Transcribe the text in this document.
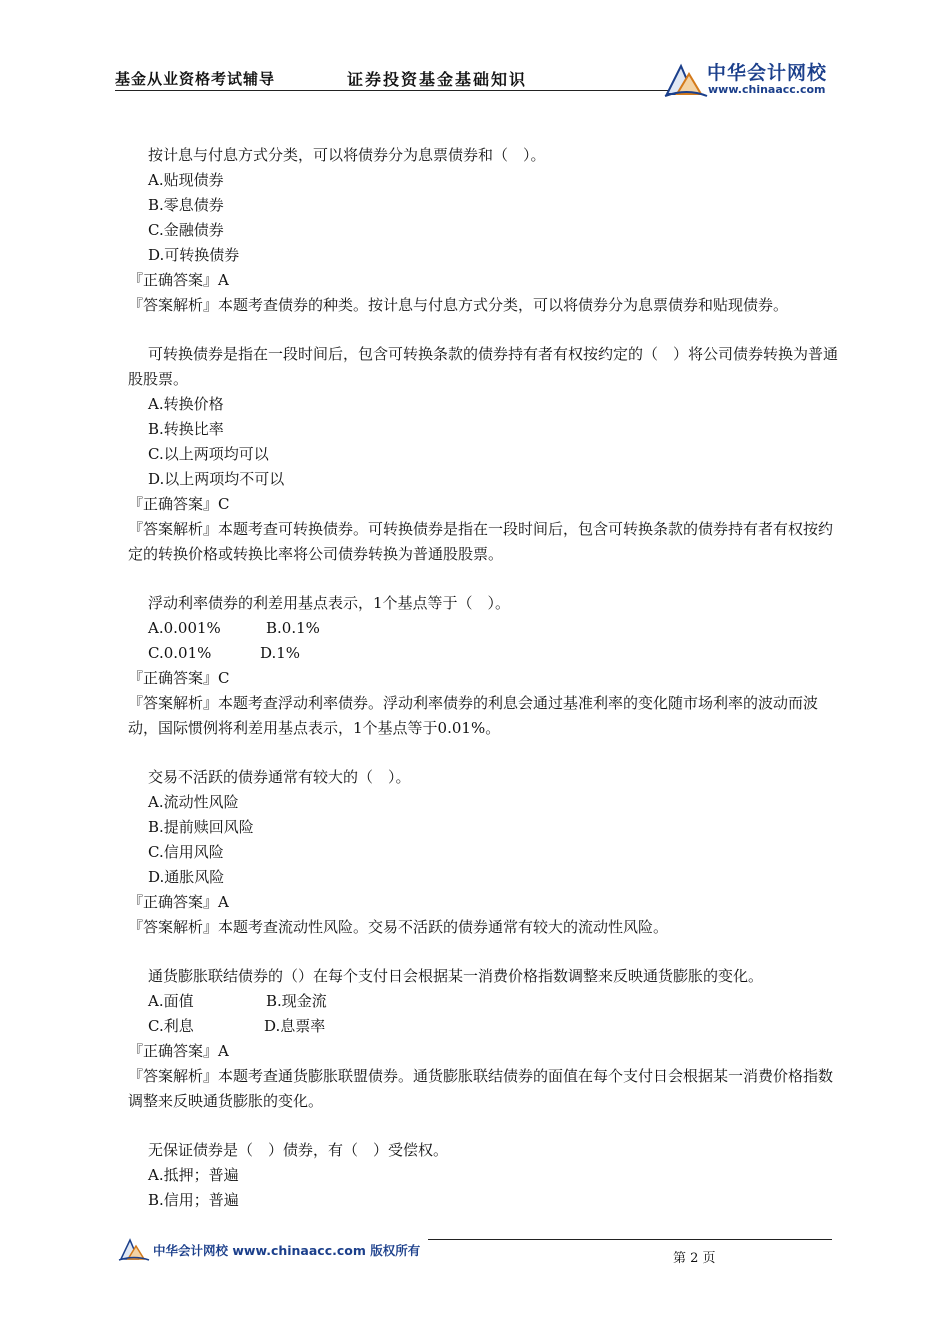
基金从业资格考试辅导	证券投资基金基础知识	中华会计网校
www.chinaacc.com
按计息与付息方式分类，可以将债券分为息票债券和（　）。
A.贴现债券
B.零息债券
C.金融债券
D.可转换债券
『正确答案』A
『答案解析』本题考查债券的种类。按计息与付息方式分类，可以将债券分为息票债券和贴现债券。
可转换债券是指在一段时间后，包含可转换条款的债券持有者有权按约定的（　）将公司债券转换为普通股股票。
A.转换价格
B.转换比率
C.以上两项均可以
D.以上两项均不可以
『正确答案』C
『答案解析』本题考查可转换债券。可转换债券是指在一段时间后，包含可转换条款的债券持有者有权按约定的转换价格或转换比率将公司债券转换为普通股股票。
浮动利率债券的利差用基点表示，1个基点等于（　）。
A.0.001%	B.0.1%
C.0.01%	D.1%
『正确答案』C
『答案解析』本题考查浮动利率债券。浮动利率债券的利息会通过基准利率的变化随市场利率的波动而波动，国际惯例将利差用基点表示，1个基点等于0.01%。
交易不活跃的债券通常有较大的（　）。
A.流动性风险
B.提前赎回风险
C.信用风险
D.通胀风险
『正确答案』A
『答案解析』本题考查流动性风险。交易不活跃的债券通常有较大的流动性风险。
通货膨胀联结债券的（）在每个支付日会根据某一消费价格指数调整来反映通货膨胀的变化。
A.面值	B.现金流
C.利息	D.息票率
『正确答案』A
『答案解析』本题考查通货膨胀联盟债券。通货膨胀联结债券的面值在每个支付日会根据某一消费价格指数调整来反映通货膨胀的变化。
无保证债券是（　）债券，有（　）受偿权。
A.抵押；普遍
B.信用；普遍
中华会计网校 www.chinaacc.com 版权所有
第 2 页
